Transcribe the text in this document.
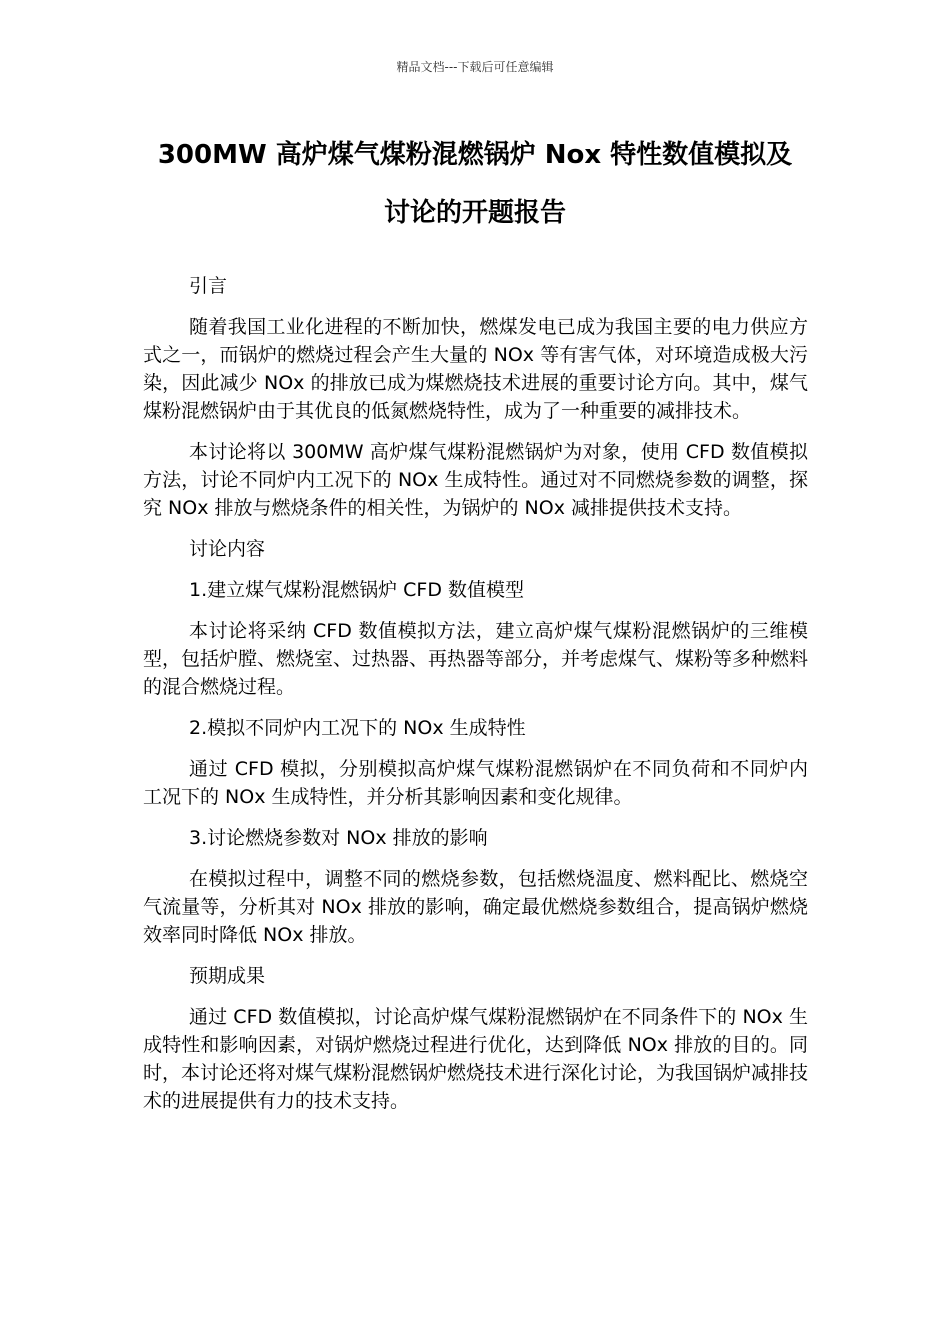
精品文档---下载后可任意编辑
300MW 高炉煤气煤粉混燃锅炉 Nox 特性数值模拟及
讨论的开题报告

引言

随着我国工业化进程的不断加快，燃煤发电已成为我国主要的电力供应方式之一，而锅炉的燃烧过程会产生大量的 NOx 等有害气体，对环境造成极大污染，因此减少 NOx 的排放已成为煤燃烧技术进展的重要讨论方向。其中，煤气煤粉混燃锅炉由于其优良的低氮燃烧特性，成为了一种重要的减排技术。

本讨论将以 300MW 高炉煤气煤粉混燃锅炉为对象，使用 CFD 数值模拟方法，讨论不同炉内工况下的 NOx 生成特性。通过对不同燃烧参数的调整，探究 NOx 排放与燃烧条件的相关性，为锅炉的 NOx 减排提供技术支持。

讨论内容

1.建立煤气煤粉混燃锅炉 CFD 数值模型

本讨论将采纳 CFD 数值模拟方法，建立高炉煤气煤粉混燃锅炉的三维模型，包括炉膛、燃烧室、过热器、再热器等部分，并考虑煤气、煤粉等多种燃料的混合燃烧过程。

2.模拟不同炉内工况下的 NOx 生成特性

通过 CFD 模拟，分别模拟高炉煤气煤粉混燃锅炉在不同负荷和不同炉内工况下的 NOx 生成特性，并分析其影响因素和变化规律。

3.讨论燃烧参数对 NOx 排放的影响

在模拟过程中，调整不同的燃烧参数，包括燃烧温度、燃料配比、燃烧空气流量等，分析其对 NOx 排放的影响，确定最优燃烧参数组合，提高锅炉燃烧效率同时降低 NOx 排放。

预期成果

通过 CFD 数值模拟，讨论高炉煤气煤粉混燃锅炉在不同条件下的 NOx 生成特性和影响因素，对锅炉燃烧过程进行优化，达到降低 NOx 排放的目的。同时，本讨论还将对煤气煤粉混燃锅炉燃烧技术进行深化讨论，为我国锅炉减排技术的进展提供有力的技术支持。
